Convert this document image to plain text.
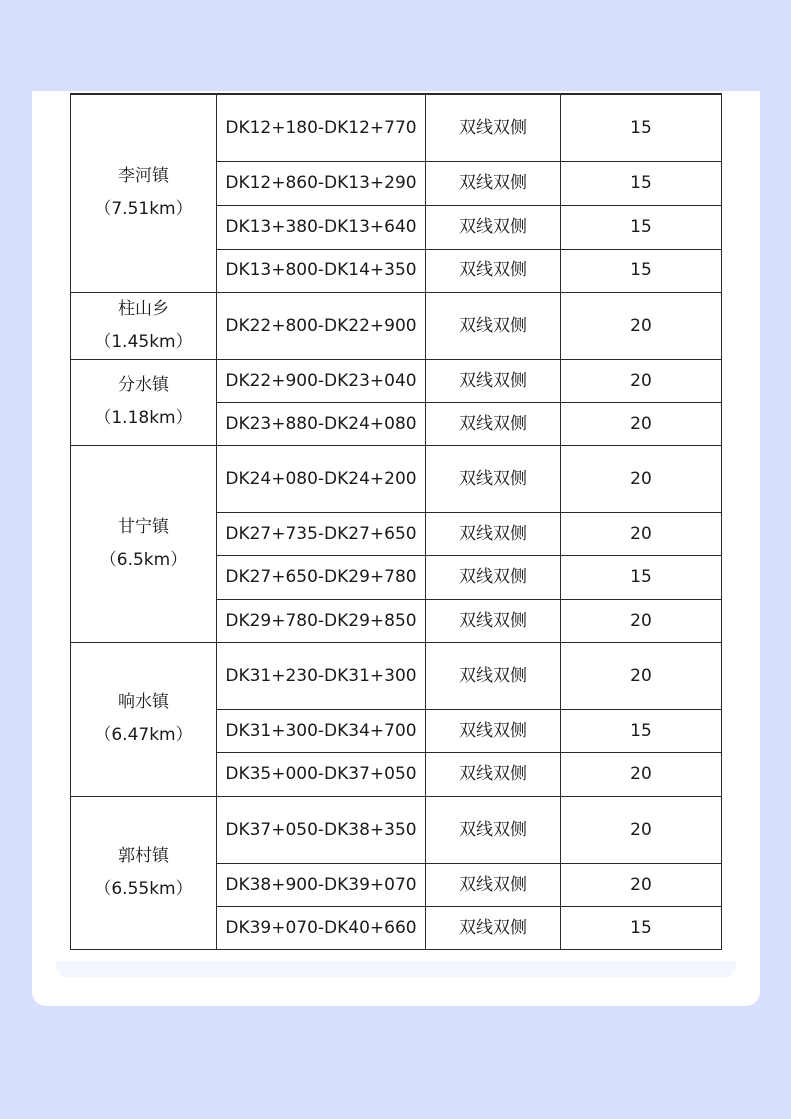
李河镇
（7.51km）	DK12+180-DK12+770	双线双侧	15
	DK12+860-DK13+290	双线双侧	15
	DK13+380-DK13+640	双线双侧	15
	DK13+800-DK14+350	双线双侧	15

柱山乡
（1.45km）	DK22+800-DK22+900	双线双侧	20

分水镇
（1.18km）	DK22+900-DK23+040	双线双侧	20
	DK23+880-DK24+080	双线双侧	20

甘宁镇
（6.5km）	DK24+080-DK24+200	双线双侧	20
	DK27+735-DK27+650	双线双侧	20
	DK27+650-DK29+780	双线双侧	15
	DK29+780-DK29+850	双线双侧	20

响水镇
（6.47km）	DK31+230-DK31+300	双线双侧	20
	DK31+300-DK34+700	双线双侧	15
	DK35+000-DK37+050	双线双侧	20

郭村镇
（6.55km）	DK37+050-DK38+350	双线双侧	20
	DK38+900-DK39+070	双线双侧	20
	DK39+070-DK40+660	双线双侧	15
